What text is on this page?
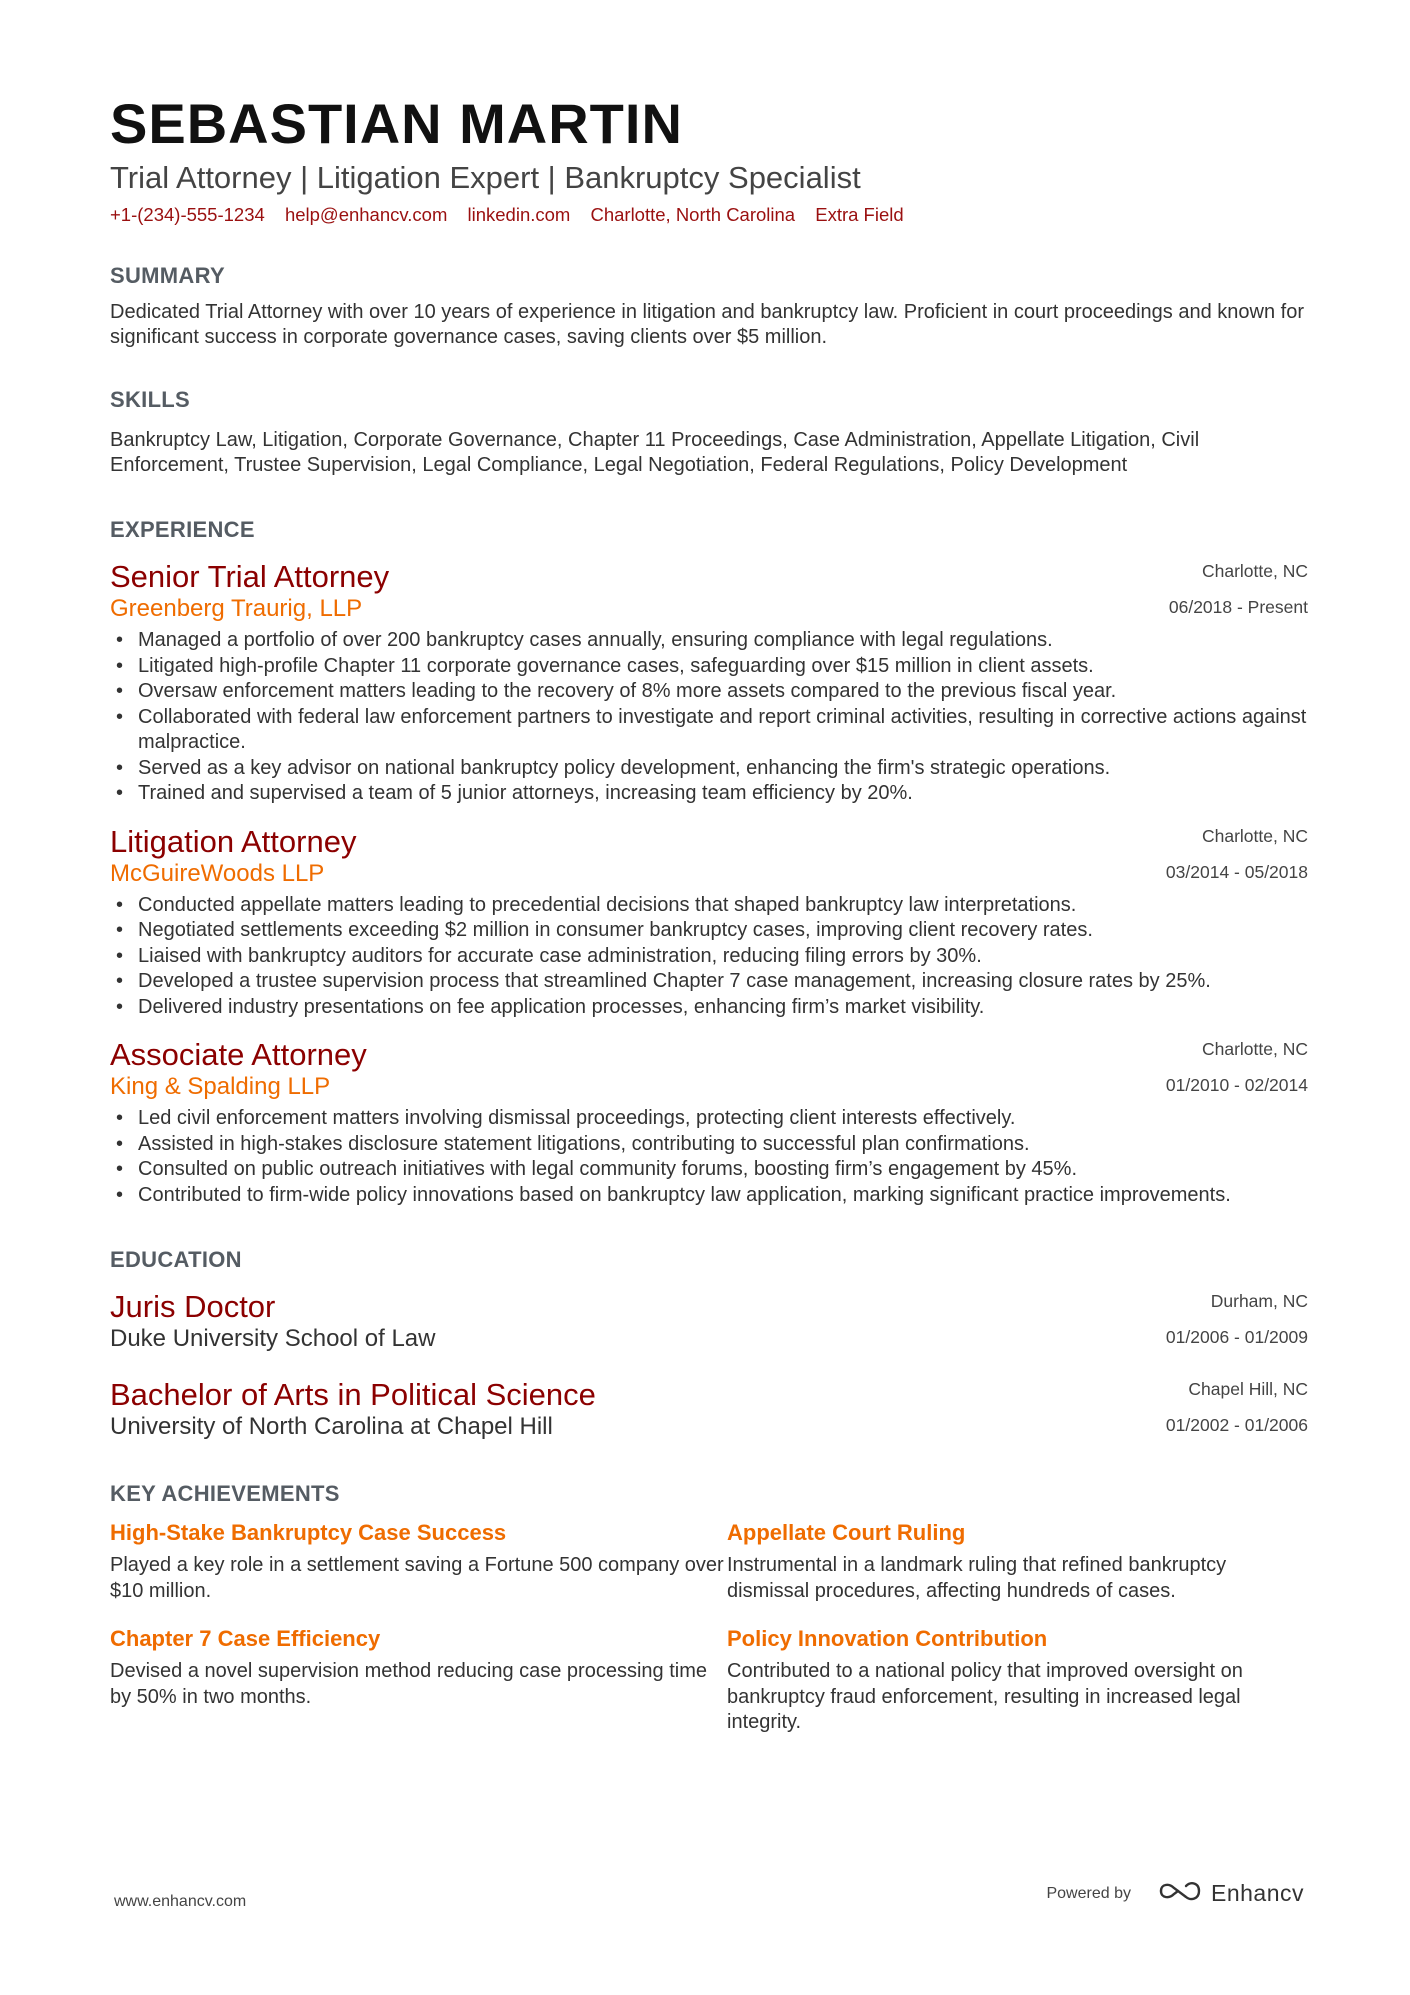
SEBASTIAN MARTIN
Trial Attorney | Litigation Expert | Bankruptcy Specialist
+1-(234)-555-1234 help@enhancv.com linkedin.com Charlotte, North Carolina Extra Field
SUMMARY
Dedicated Trial Attorney with over 10 years of experience in litigation and bankruptcy law. Proficient in court proceedings and known for significant success in corporate governance cases, saving clients over $5 million.
SKILLS
Bankruptcy Law, Litigation, Corporate Governance, Chapter 11 Proceedings, Case Administration, Appellate Litigation, Civil Enforcement, Trustee Supervision, Legal Compliance, Legal Negotiation, Federal Regulations, Policy Development
EXPERIENCE
Senior Trial Attorney
Greenberg Traurig, LLP
Charlotte, NC
06/2018 - Present
• Managed a portfolio of over 200 bankruptcy cases annually, ensuring compliance with legal regulations.
• Litigated high-profile Chapter 11 corporate governance cases, safeguarding over $15 million in client assets.
• Oversaw enforcement matters leading to the recovery of 8% more assets compared to the previous fiscal year.
• Collaborated with federal law enforcement partners to investigate and report criminal activities, resulting in corrective actions against malpractice.
• Served as a key advisor on national bankruptcy policy development, enhancing the firm's strategic operations.
• Trained and supervised a team of 5 junior attorneys, increasing team efficiency by 20%.
Litigation Attorney
McGuireWoods LLP
Charlotte, NC
03/2014 - 05/2018
• Conducted appellate matters leading to precedential decisions that shaped bankruptcy law interpretations.
• Negotiated settlements exceeding $2 million in consumer bankruptcy cases, improving client recovery rates.
• Liaised with bankruptcy auditors for accurate case administration, reducing filing errors by 30%.
• Developed a trustee supervision process that streamlined Chapter 7 case management, increasing closure rates by 25%.
• Delivered industry presentations on fee application processes, enhancing firm’s market visibility.
Associate Attorney
King & Spalding LLP
Charlotte, NC
01/2010 - 02/2014
• Led civil enforcement matters involving dismissal proceedings, protecting client interests effectively.
• Assisted in high-stakes disclosure statement litigations, contributing to successful plan confirmations.
• Consulted on public outreach initiatives with legal community forums, boosting firm’s engagement by 45%.
• Contributed to firm-wide policy innovations based on bankruptcy law application, marking significant practice improvements.
EDUCATION
Juris Doctor
Duke University School of Law
Durham, NC
01/2006 - 01/2009
Bachelor of Arts in Political Science
University of North Carolina at Chapel Hill
Chapel Hill, NC
01/2002 - 01/2006
KEY ACHIEVEMENTS
High-Stake Bankruptcy Case Success
Played a key role in a settlement saving a Fortune 500 company over $10 million.
Appellate Court Ruling
Instrumental in a landmark ruling that refined bankruptcy dismissal procedures, affecting hundreds of cases.
Chapter 7 Case Efficiency
Devised a novel supervision method reducing case processing time by 50% in two months.
Policy Innovation Contribution
Contributed to a national policy that improved oversight on bankruptcy fraud enforcement, resulting in increased legal integrity.
www.enhancv.com	Powered by	Enhancv
